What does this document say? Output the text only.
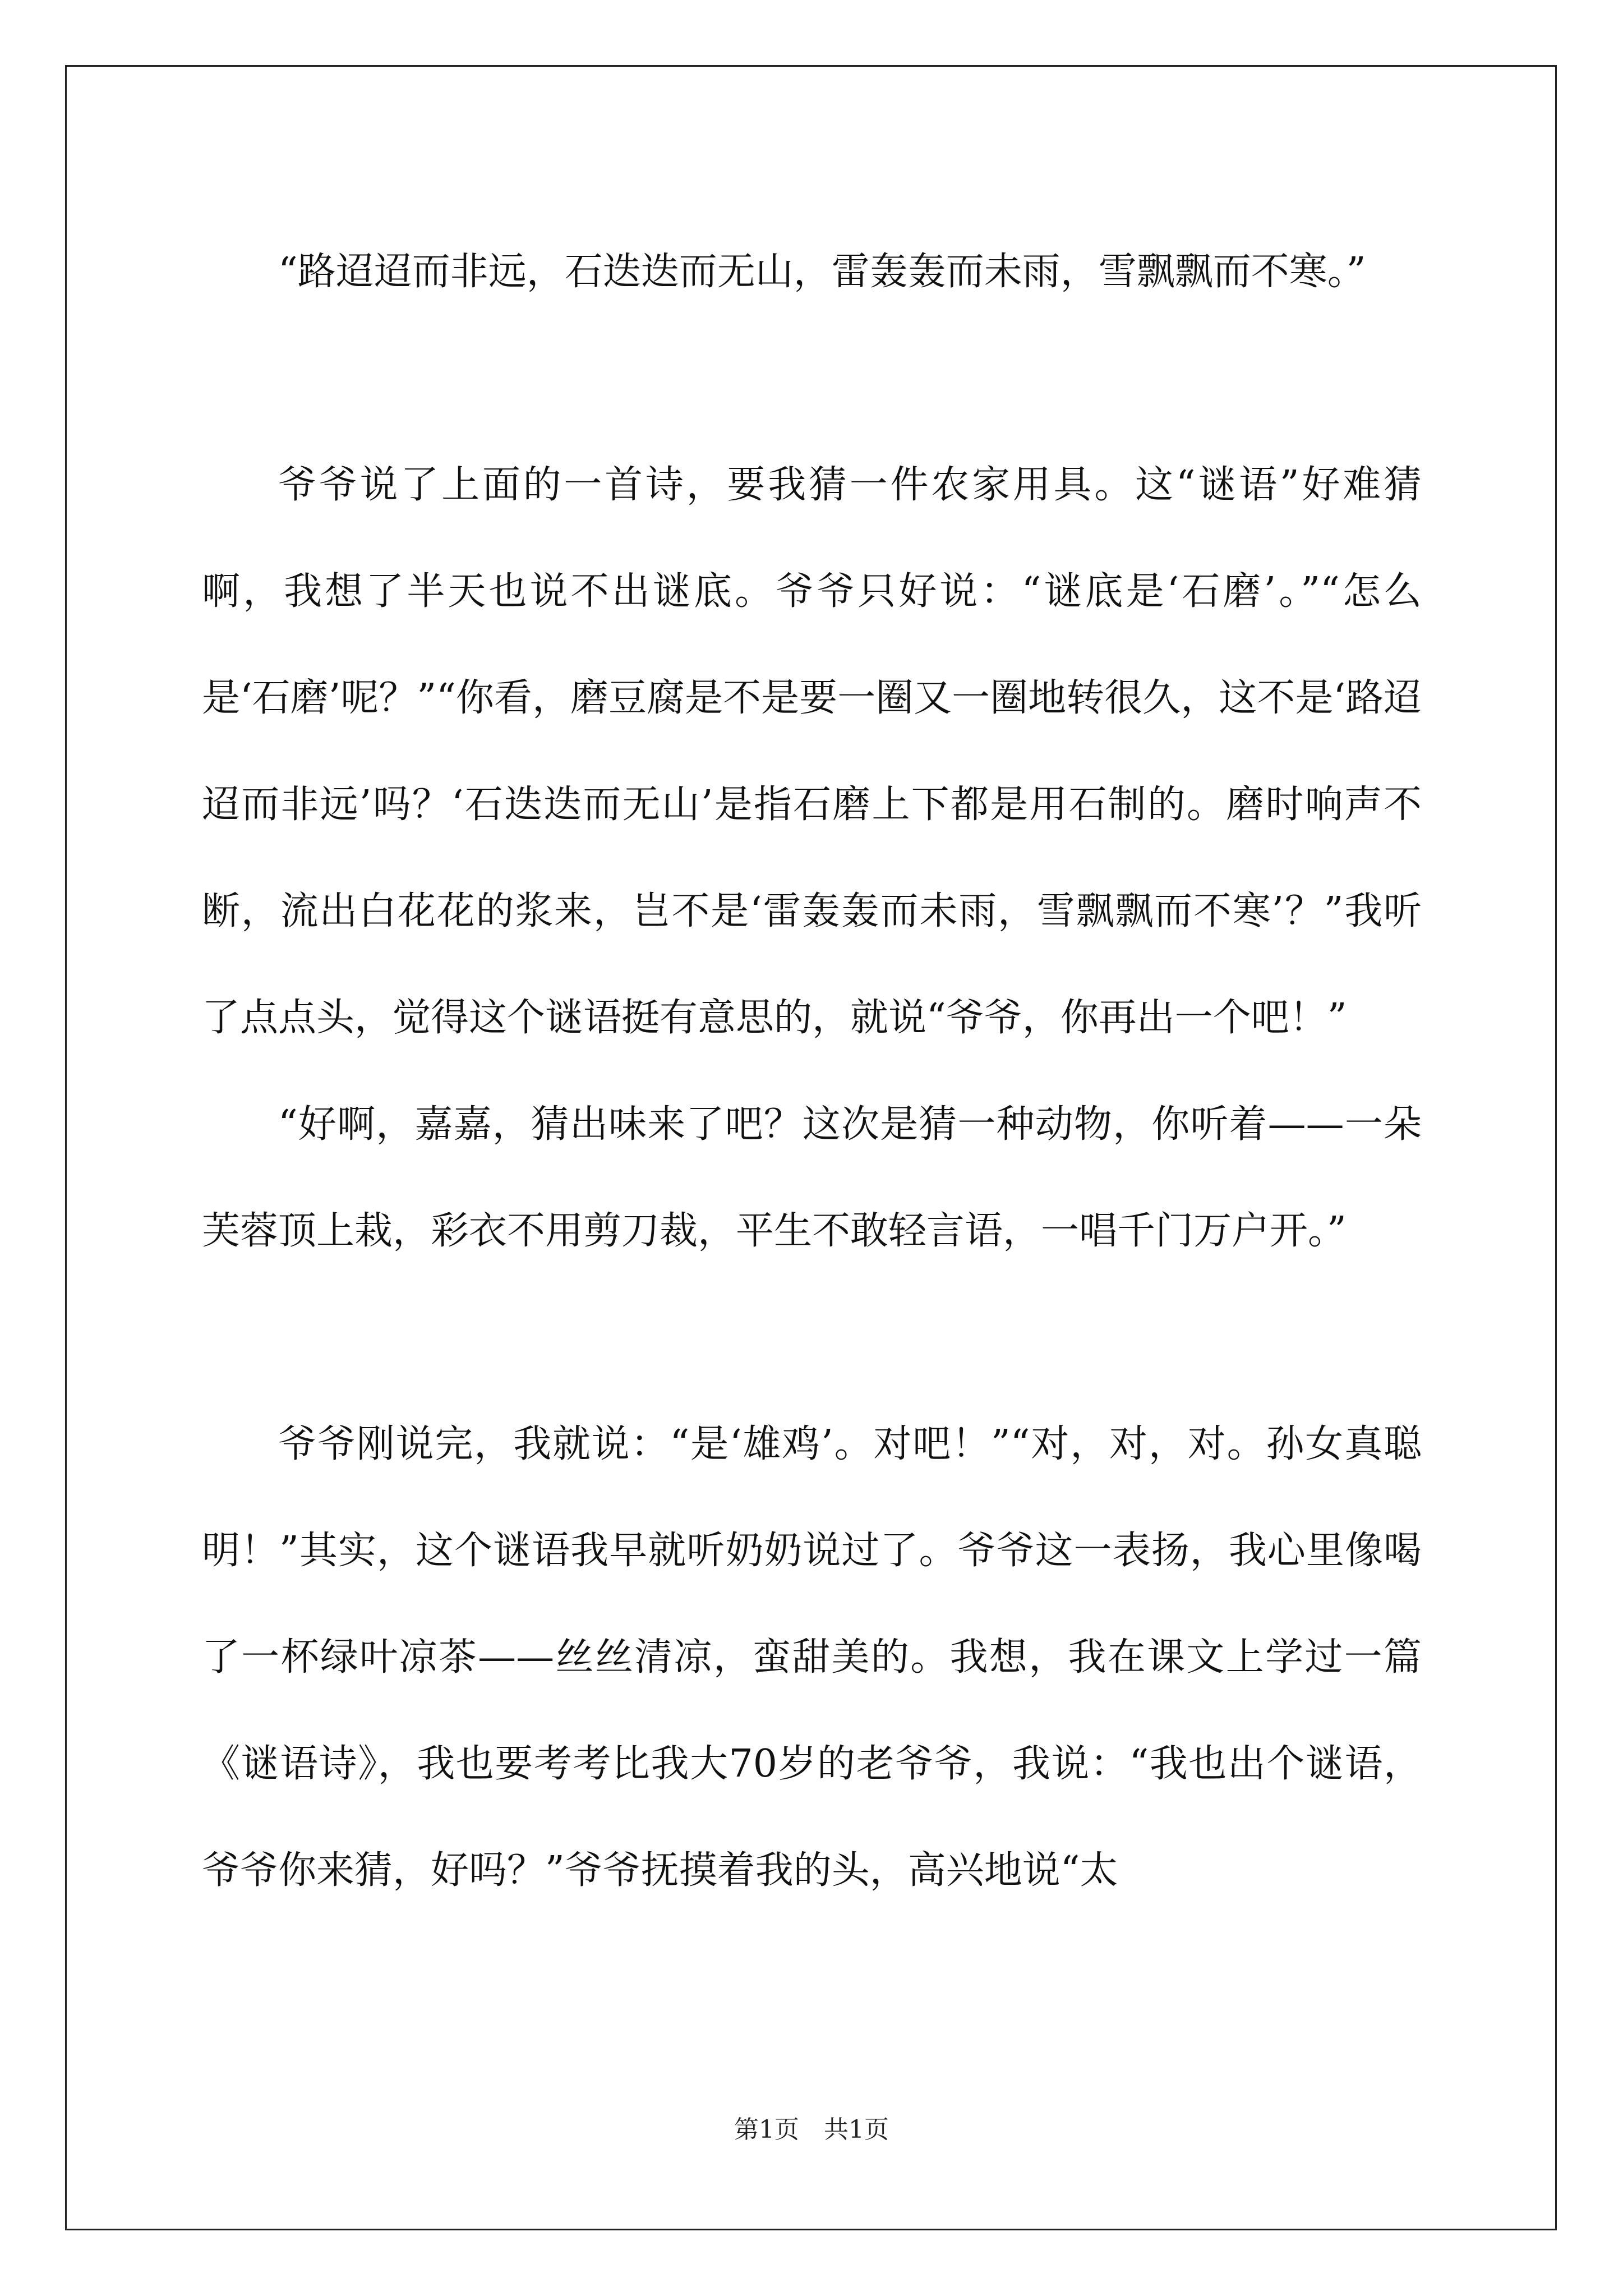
“路迢迢而非远，石迭迭而无山，雷轰轰而未雨，雪飘飘而不寒。”

爷爷说了上面的一首诗，要我猜一件农家用具。这“谜语”好难猜啊，我想了半天也说不出谜底。爷爷只好说：“谜底是‘石磨’。”“怎么是‘石磨’呢？”“你看，磨豆腐是不是要一圈又一圈地转很久，这不是‘路迢迢而非远’吗？‘石迭迭而无山’是指石磨上下都是用石制的。磨时响声不断，流出白花花的浆来，岂不是‘雷轰轰而未雨，雪飘飘而不寒’？”我听了点点头，觉得这个谜语挺有意思的，就说“爷爷，你再出一个吧！”

“好啊，嘉嘉，猜出味来了吧？这次是猜一种动物，你听着——一朵芙蓉顶上栽，彩衣不用剪刀裁，平生不敢轻言语，一唱千门万户开。”

爷爷刚说完，我就说：“是‘雄鸡’。对吧！”“对，对，对。孙女真聪明！”其实，这个谜语我早就听奶奶说过了。爷爷这一表扬，我心里像喝了一杯绿叶凉茶——丝丝清凉，蛮甜美的。我想，我在课文上学过一篇《谜语诗》，我也要考考比我大70岁的老爷爷，我说：“我也出个谜语，爷爷你来猜，好吗？”爷爷抚摸着我的头，高兴地说“太

第1页　共1页
